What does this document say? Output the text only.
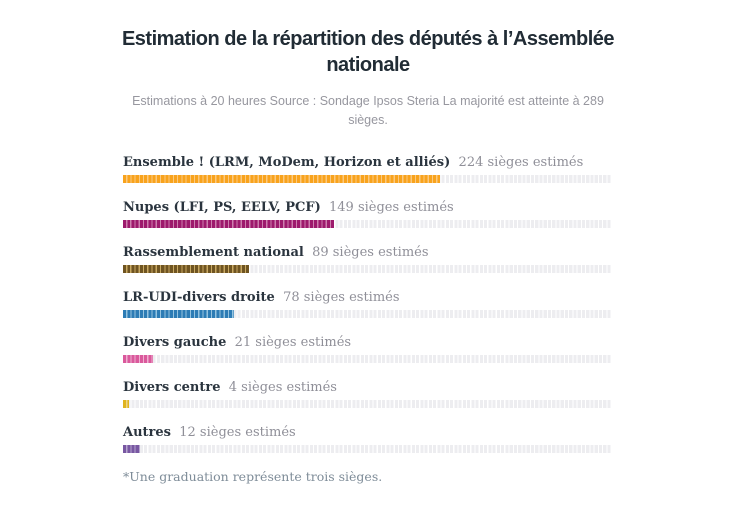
Estimation de la répartition des députés à l’Assemblée nationale

Estimations à 20 heures Source : Sondage Ipsos Steria La majorité est atteinte à 289 sièges.

Ensemble ! (LRM, MoDem, Horizon et alliés) 224 sièges estimés
Nupes (LFI, PS, EELV, PCF) 149 sièges estimés
Rassemblement national 89 sièges estimés
LR-UDI-divers droite 78 sièges estimés
Divers gauche 21 sièges estimés
Divers centre 4 sièges estimés
Autres 12 sièges estimés

*Une graduation représente trois sièges.
